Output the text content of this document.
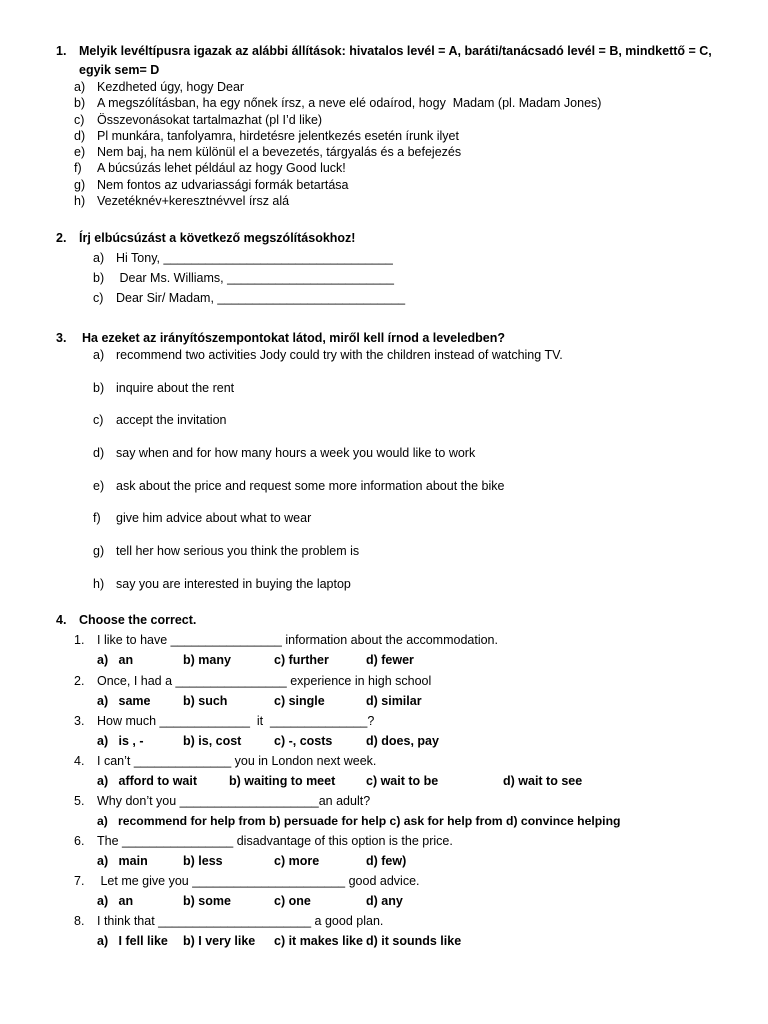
1. Melyik levéltípusra igazak az alábbi állítások: hivatalos levél = A, baráti/tanácsadó levél = B, mindkettő = C,
egyik sem= D
a) Kezdheted úgy, hogy Dear
b) A megszólításban, ha egy nőnek írsz, a neve elé odaírod, hogy  Madam (pl. Madam Jones)
c) Összevonásokat tartalmazhat (pl I’d like)
d) Pl munkára, tanfolyamra, hirdetésre jelentkezés esetén írunk ilyet
e) Nem baj, ha nem különül el a bevezetés, tárgyalás és a befejezés
f) A búcsúzás lehet például az hogy Good luck!
g) Nem fontos az udvariassági formák betartása
h) Vezetéknév+keresztnévvel írsz alá
2. Írj elbúcsúzást a következő megszólításokhoz!
a) Hi Tony, _________________________________
b) Dear Ms. Williams, ________________________
c) Dear Sir/ Madam, ___________________________
3. Ha ezeket az irányítószempontokat látod, miről kell írnod a leveledben?
a) recommend two activities Jody could try with the children instead of watching TV.
b) inquire about the rent
c) accept the invitation
d) say when and for how many hours a week you would like to work
e) ask about the price and request some more information about the bike
f) give him advice about what to wear
g) tell her how serious you think the problem is
h) say you are interested in buying the laptop
4. Choose the correct.
1. I like to have ________________ information about the accommodation.
a)   an	b) many	c) further	d) fewer
2. Once, I had a ________________ experience in high school
a)   same	b) such	c) single	d) similar
3. How much _____________  it  ______________?
a)   is , -	b) is, cost	c) -, costs	d) does, pay
4. I can’t ______________ you in London next week.
a)   afford to wait	b) waiting to meet c) wait to be	d) wait to see
5. Why don’t you ____________________an adult?
a)   recommend for help from b) persuade for help c) ask for help from d) convince helping
6. The ________________ disadvantage of this option is the price.
a)   main	b) less	c) more	d) few)
7. Let me give you ______________________ good advice.
a)   an	b) some	c) one	d) any
8. I think that ______________________ a good plan.
a)   I fell like b) I very like c) it makes like d) it sounds like
